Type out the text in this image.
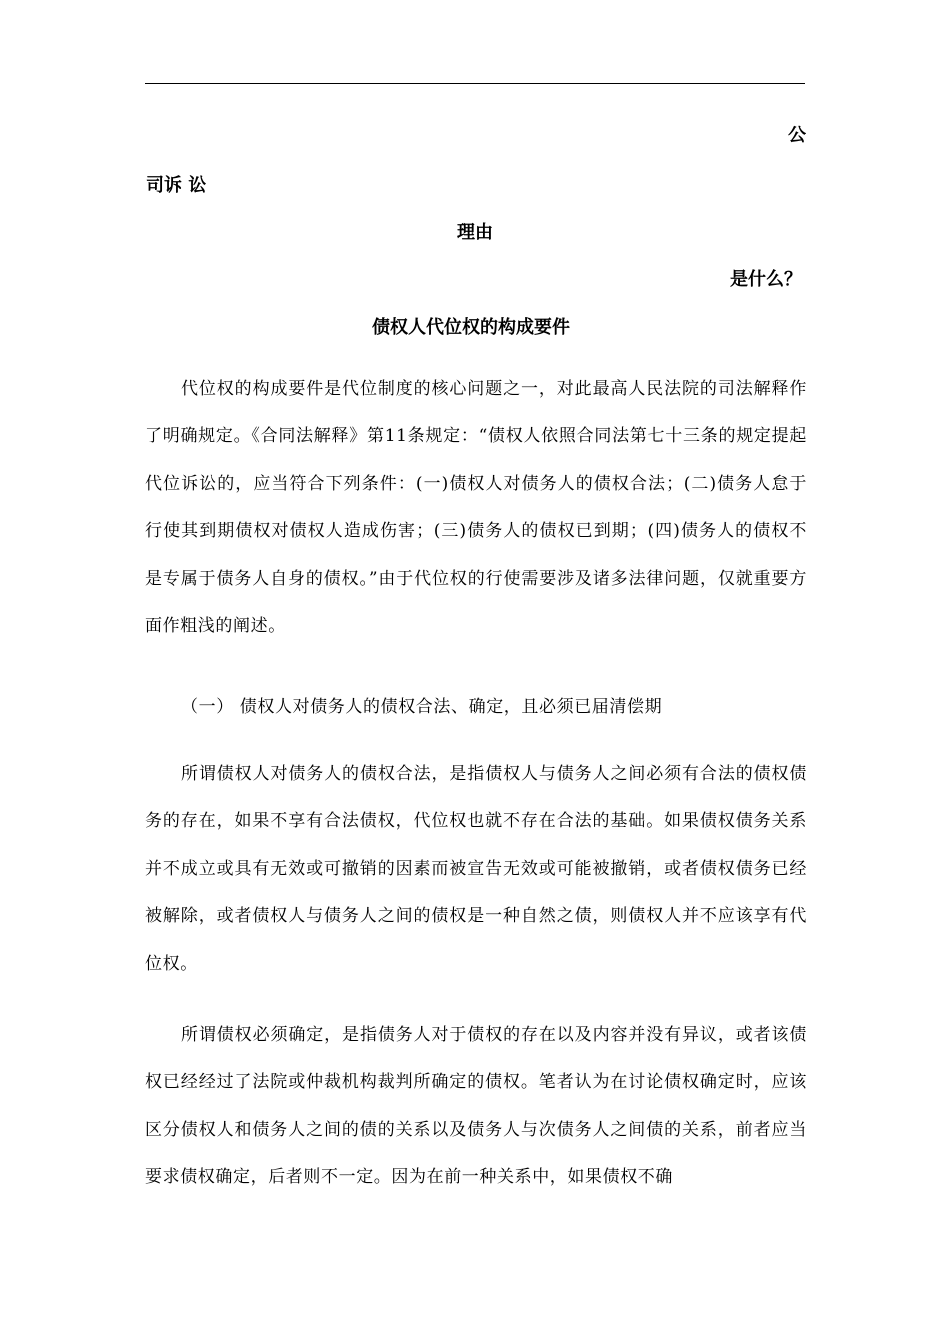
公
司诉 讼
理由
是什么？
债权人代位权的构成要件
代位权的构成要件是代位制度的核心问题之一，对此最高人民法院的司法解释作了明确规定。《合同法解释》第11条规定：“债权人依照合同法第七十三条的规定提起代位诉讼的，应当符合下列条件：(一)债权人对债务人的债权合法；(二)债务人怠于行使其到期债权对债权人造成伤害；(三)债务人的债权已到期；(四)债务人的债权不是专属于债务人自身的债权。”由于代位权的行使需要涉及诸多法律问题，仅就重要方面作粗浅的阐述。
（一） 债权人对债务人的债权合法、确定，且必须已届清偿期
所谓债权人对债务人的债权合法，是指债权人与债务人之间必须有合法的债权债务的存在，如果不享有合法债权，代位权也就不存在合法的基础。如果债权债务关系并不成立或具有无效或可撤销的因素而被宣告无效或可能被撤销，或者债权债务已经被解除，或者债权人与债务人之间的债权是一种自然之债，则债权人并不应该享有代位权。
所谓债权必须确定，是指债务人对于债权的存在以及内容并没有异议，或者该债权已经经过了法院或仲裁机构裁判所确定的债权。笔者认为在讨论债权确定时，应该区分债权人和债务人之间的债的关系以及债务人与次债务人之间债的关系，前者应当要求债权确定，后者则不一定。因为在前一种关系中，如果债权不确
